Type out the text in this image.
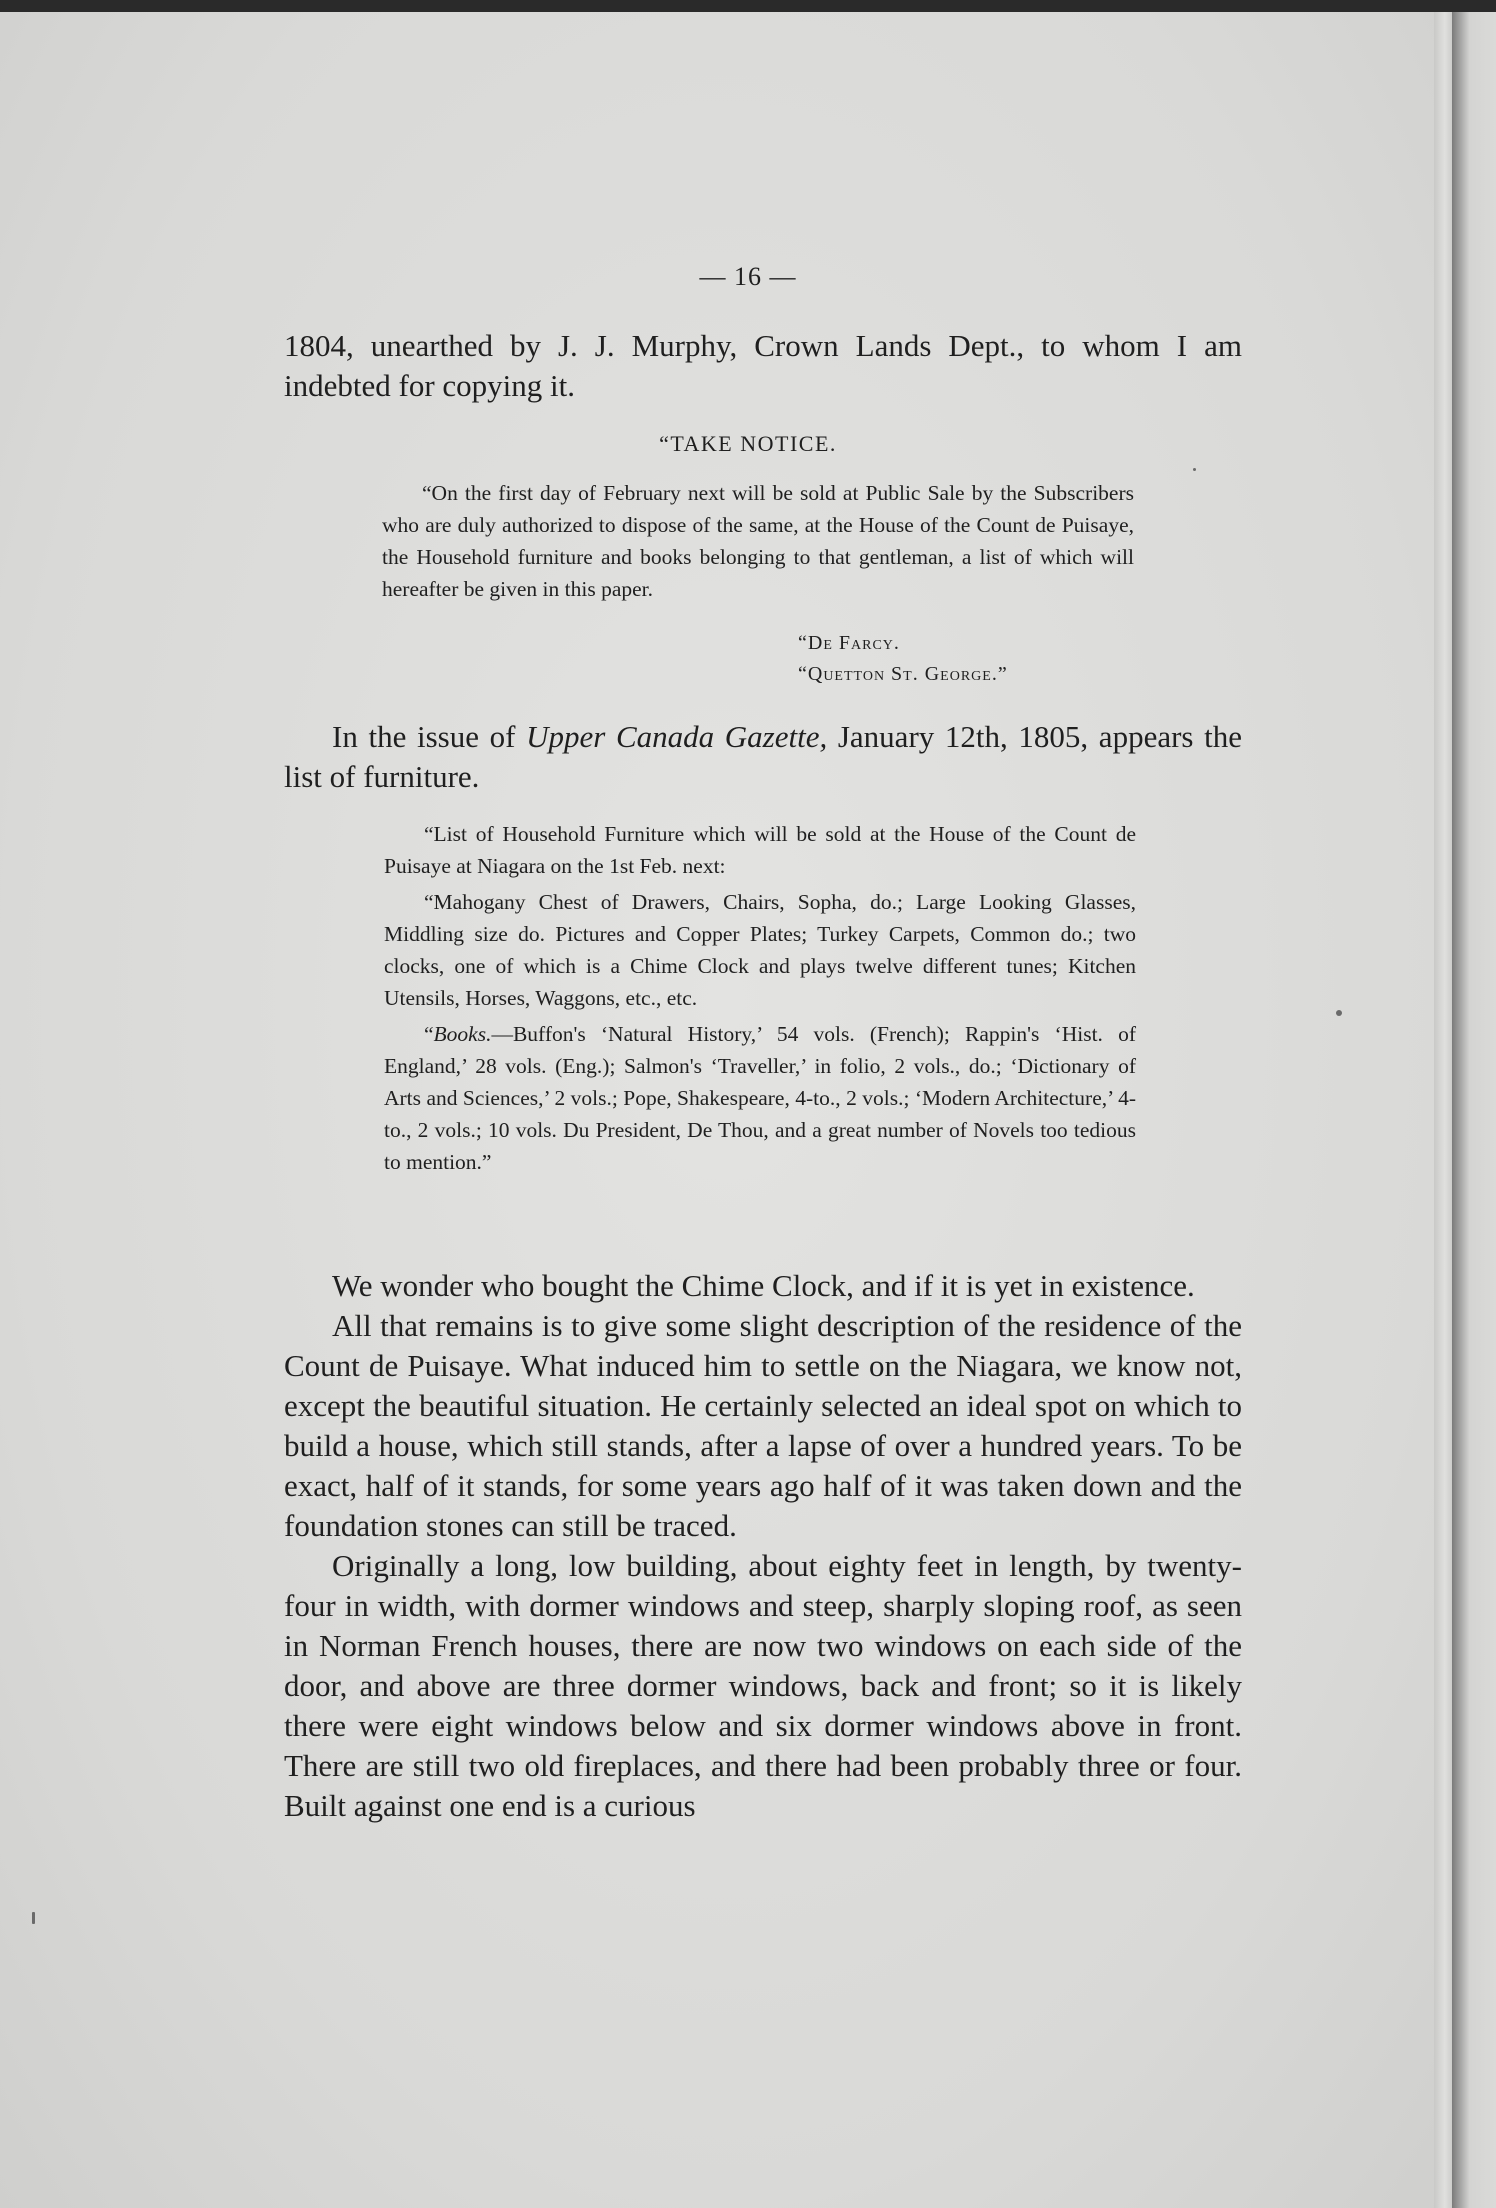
— 16 —

1804, unearthed by J. J. Murphy, Crown Lands Dept., to whom I am indebted for copying it.

“TAKE NOTICE.

“On the first day of February next will be sold at Public Sale by the Subscribers who are duly authorized to dispose of the same, at the House of the Count de Puisaye, the Household furniture and books belonging to that gentleman, a list of which will hereafter be given in this paper.

“De Farcy.
“Quetton St. George.”

In the issue of Upper Canada Gazette, January 12th, 1805, appears the list of furniture.

“List of Household Furniture which will be sold at the House of the Count de Puisaye at Niagara on the 1st Feb. next:

“Mahogany Chest of Drawers, Chairs, Sopha, do.; Large Looking Glasses, Middling size do. Pictures and Copper Plates; Turkey Carpets, Common do.; two clocks, one of which is a Chime Clock and plays twelve different tunes; Kitchen Utensils, Horses, Waggons, etc., etc.

“Books.—Buffon's ‘Natural History,’ 54 vols. (French); Rappin's ‘Hist. of England,’ 28 vols. (Eng.); Salmon's ‘Traveller,’ in folio, 2 vols., do.; ‘Dictionary of Arts and Sciences,’ 2 vols.; Pope, Shakespeare, 4-to., 2 vols.; ‘Modern Architecture,’ 4-to., 2 vols.; 10 vols. Du President, De Thou, and a great number of Novels too tedious to mention.”

We wonder who bought the Chime Clock, and if it is yet in existence.

All that remains is to give some slight description of the residence of the Count de Puisaye. What induced him to settle on the Niagara, we know not, except the beautiful situation. He certainly selected an ideal spot on which to build a house, which still stands, after a lapse of over a hundred years. To be exact, half of it stands, for some years ago half of it was taken down and the foundation stones can still be traced.

Originally a long, low building, about eighty feet in length, by twenty-four in width, with dormer windows and steep, sharply sloping roof, as seen in Norman French houses, there are now two windows on each side of the door, and above are three dormer windows, back and front; so it is likely there were eight windows below and six dormer windows above in front. There are still two old fireplaces, and there had been probably three or four. Built against one end is a curious
